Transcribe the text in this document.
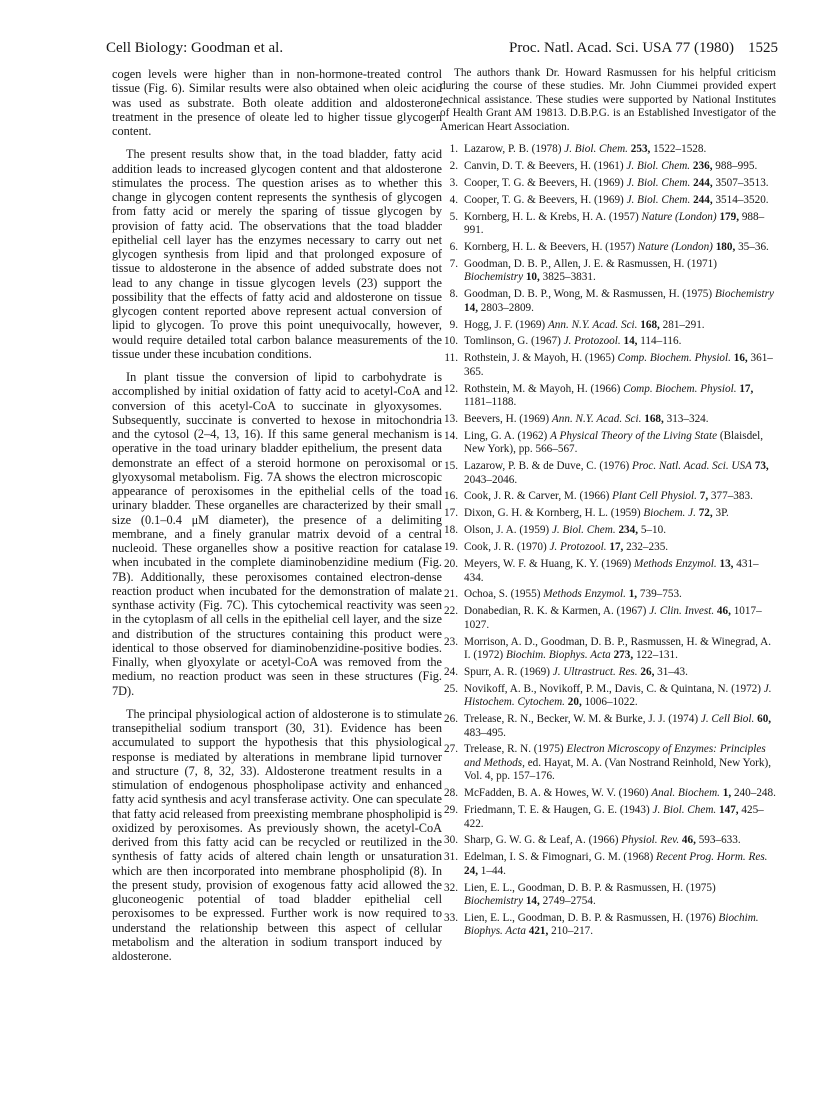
Cell Biology: Goodman et al.	Proc. Natl. Acad. Sci. USA 77 (1980) 1525

cogen levels were higher than in non-hormone-treated control tissue (Fig. 6). Similar results were also obtained when oleic acid was used as substrate. Both oleate addition and aldosterone treatment in the presence of oleate led to higher tissue glycogen content.

The present results show that, in the toad bladder, fatty acid addition leads to increased glycogen content and that aldosterone stimulates the process. The question arises as to whether this change in glycogen content represents the synthesis of glycogen from fatty acid or merely the sparing of tissue glycogen by provision of fatty acid. The observations that the toad bladder epithelial cell layer has the enzymes necessary to carry out net glycogen synthesis from lipid and that prolonged exposure of tissue to aldosterone in the absence of added substrate does not lead to any change in tissue glycogen levels (23) support the possibility that the effects of fatty acid and aldosterone on tissue glycogen content reported above represent actual conversion of lipid to glycogen. To prove this point unequivocally, however, would require detailed total carbon balance measurements of the tissue under these incubation conditions.

In plant tissue the conversion of lipid to carbohydrate is accomplished by initial oxidation of fatty acid to acetyl-CoA and conversion of this acetyl-CoA to succinate in glyoxysomes. Subsequently, succinate is converted to hexose in mitochondria and the cytosol (2–4, 13, 16). If this same general mechanism is operative in the toad urinary bladder epithelium, the present data demonstrate an effect of a steroid hormone on peroxisomal or glyoxysomal metabolism. Fig. 7A shows the electron microscopic appearance of peroxisomes in the epithelial cells of the toad urinary bladder. These organelles are characterized by their small size (0.1–0.4 μM diameter), the presence of a delimiting membrane, and a finely granular matrix devoid of a central nucleoid. These organelles show a positive reaction for catalase when incubated in the complete diaminobenzidine medium (Fig. 7B). Additionally, these peroxisomes contained electron-dense reaction product when incubated for the demonstration of malate synthase activity (Fig. 7C). This cytochemical reactivity was seen in the cytoplasm of all cells in the epithelial cell layer, and the size and distribution of the structures containing this product were identical to those observed for diaminobenzidine-positive bodies. Finally, when glyoxylate or acetyl-CoA was removed from the medium, no reaction product was seen in these structures (Fig. 7D).

The principal physiological action of aldosterone is to stimulate transepithelial sodium transport (30, 31). Evidence has been accumulated to support the hypothesis that this physiological response is mediated by alterations in membrane lipid turnover and structure (7, 8, 32, 33). Aldosterone treatment results in a stimulation of endogenous phospholipase activity and enhanced fatty acid synthesis and acyl transferase activity. One can speculate that fatty acid released from preexisting membrane phospholipid is oxidized by peroxisomes. As previously shown, the acetyl-CoA derived from this fatty acid can be recycled or reutilized in the synthesis of fatty acids of altered chain length or unsaturation which are then incorporated into membrane phospholipid (8). In the present study, provision of exogenous fatty acid allowed the gluconeogenic potential of toad bladder epithelial cell peroxisomes to be expressed. Further work is now required to understand the relationship between this aspect of cellular metabolism and the alteration in sodium transport induced by aldosterone.

The authors thank Dr. Howard Rasmussen for his helpful criticism during the course of these studies. Mr. John Ciummei provided expert technical assistance. These studies were supported by National Institutes of Health Grant AM 19813. D.B.P.G. is an Established Investigator of the American Heart Association.

1. Lazarow, P. B. (1978) J. Biol. Chem. 253, 1522–1528.
2. Canvin, D. T. & Beevers, H. (1961) J. Biol. Chem. 236, 988–995.
3. Cooper, T. G. & Beevers, H. (1969) J. Biol. Chem. 244, 3507–3513.
4. Cooper, T. G. & Beevers, H. (1969) J. Biol. Chem. 244, 3514–3520.
5. Kornberg, H. L. & Krebs, H. A. (1957) Nature (London) 179, 988–991.
6. Kornberg, H. L. & Beevers, H. (1957) Nature (London) 180, 35–36.
7. Goodman, D. B. P., Allen, J. E. & Rasmussen, H. (1971) Biochemistry 10, 3825–3831.
8. Goodman, D. B. P., Wong, M. & Rasmussen, H. (1975) Biochemistry 14, 2803–2809.
9. Hogg, J. F. (1969) Ann. N.Y. Acad. Sci. 168, 281–291.
10. Tomlinson, G. (1967) J. Protozool. 14, 114–116.
11. Rothstein, J. & Mayoh, H. (1965) Comp. Biochem. Physiol. 16, 361–365.
12. Rothstein, M. & Mayoh, H. (1966) Comp. Biochem. Physiol. 17, 1181–1188.
13. Beevers, H. (1969) Ann. N.Y. Acad. Sci. 168, 313–324.
14. Ling, G. A. (1962) A Physical Theory of the Living State (Blaisdel, New York), pp. 566–567.
15. Lazarow, P. B. & de Duve, C. (1976) Proc. Natl. Acad. Sci. USA 73, 2043–2046.
16. Cook, J. R. & Carver, M. (1966) Plant Cell Physiol. 7, 377–383.
17. Dixon, G. H. & Kornberg, H. L. (1959) Biochem. J. 72, 3P.
18. Olson, J. A. (1959) J. Biol. Chem. 234, 5–10.
19. Cook, J. R. (1970) J. Protozool. 17, 232–235.
20. Meyers, W. F. & Huang, K. Y. (1969) Methods Enzymol. 13, 431–434.
21. Ochoa, S. (1955) Methods Enzymol. 1, 739–753.
22. Donabedian, R. K. & Karmen, A. (1967) J. Clin. Invest. 46, 1017–1027.
23. Morrison, A. D., Goodman, D. B. P., Rasmussen, H. & Winegrad, A. I. (1972) Biochim. Biophys. Acta 273, 122–131.
24. Spurr, A. R. (1969) J. Ultrastruct. Res. 26, 31–43.
25. Novikoff, A. B., Novikoff, P. M., Davis, C. & Quintana, N. (1972) J. Histochem. Cytochem. 20, 1006–1022.
26. Trelease, R. N., Becker, W. M. & Burke, J. J. (1974) J. Cell Biol. 60, 483–495.
27. Trelease, R. N. (1975) Electron Microscopy of Enzymes: Principles and Methods, ed. Hayat, M. A. (Van Nostrand Reinhold, New York), Vol. 4, pp. 157–176.
28. McFadden, B. A. & Howes, W. V. (1960) Anal. Biochem. 1, 240–248.
29. Friedmann, T. E. & Haugen, G. E. (1943) J. Biol. Chem. 147, 425–422.
30. Sharp, G. W. G. & Leaf, A. (1966) Physiol. Rev. 46, 593–633.
31. Edelman, I. S. & Fimognari, G. M. (1968) Recent Prog. Horm. Res. 24, 1–44.
32. Lien, E. L., Goodman, D. B. P. & Rasmussen, H. (1975) Biochemistry 14, 2749–2754.
33. Lien, E. L., Goodman, D. B. P. & Rasmussen, H. (1976) Biochim. Biophys. Acta 421, 210–217.
